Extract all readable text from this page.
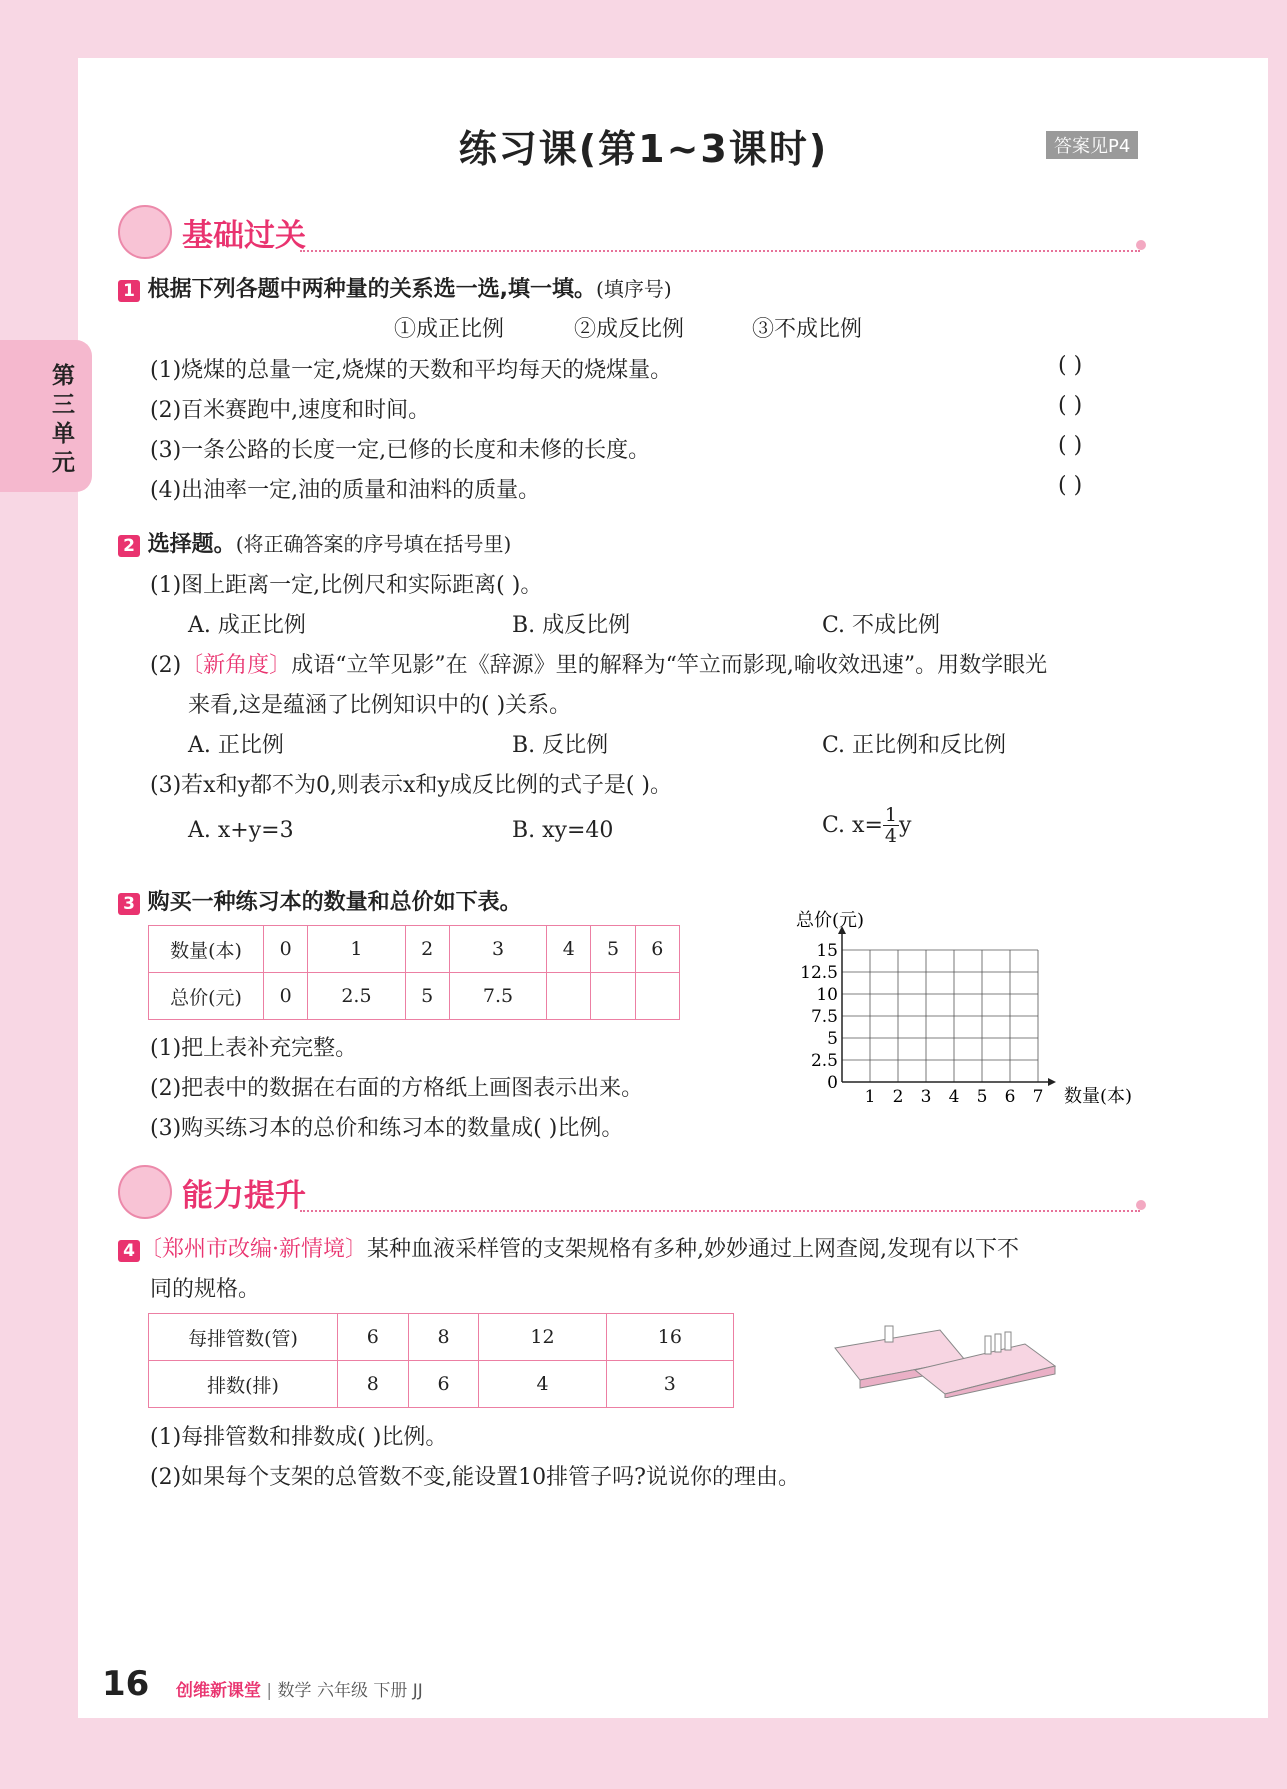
第三单元
练习课(第1~3课时)	答案见P4
基础过关
1 根据下列各题中两种量的关系选一选,填一填。(填序号)
①成正比例	②成反比例	③不成比例
(1)烧煤的总量一定,烧煤的天数和平均每天的烧煤量。	( )
(2)百米赛跑中,速度和时间。	( )
(3)一条公路的长度一定,已修的长度和未修的长度。	( )
(4)出油率一定,油的质量和油料的质量。	( )
2 选择题。(将正确答案的序号填在括号里)
(1)图上距离一定,比例尺和实际距离( )。
A. 成正比例	B. 成反比例	C. 不成比例
(2)〔新角度〕成语“立竿见影”在《辞源》里的解释为“竿立而影现,喻收效迅速”。用数学眼光
来看,这是蕴涵了比例知识中的( )关系。
A. 正比例	B. 反比例	C. 正比例和反比例
(3)若x和y都不为0,则表示x和y成反比例的式子是( )。
A. x+y=3	B. xy=40	C. $x= \frac{1}{4}$ y
3 购买一种练习本的数量和总价如下表。
数量(本)	0	1	2	3	4	5	6
总价(元)	0	2.5	5	7.5			
(1)把上表补充完整。
(2)把表中的数据在右面的方格纸上画图表示出来。
(3)购买练习本的总价和练习本的数量成( )比例。
1 2 3 4 5 6 7
0
2.5
5
7.5
10
12.5
15
总价(元)
数量(本)
能力提升
4 〔郑州市改编·新情境〕某种血液采样管的支架规格有多种,妙妙通过上网查阅,发现有以下不
同的规格。
每排管数(管)	6	8	12	16
排数(排)	8	6	4	3
(1)每排管数和排数成( )比例。
(2)如果每个支架的总管数不变,能设置10排管子吗?说说你的理由。
16 创维新课堂 | 数学 六年级 下册 JJ
